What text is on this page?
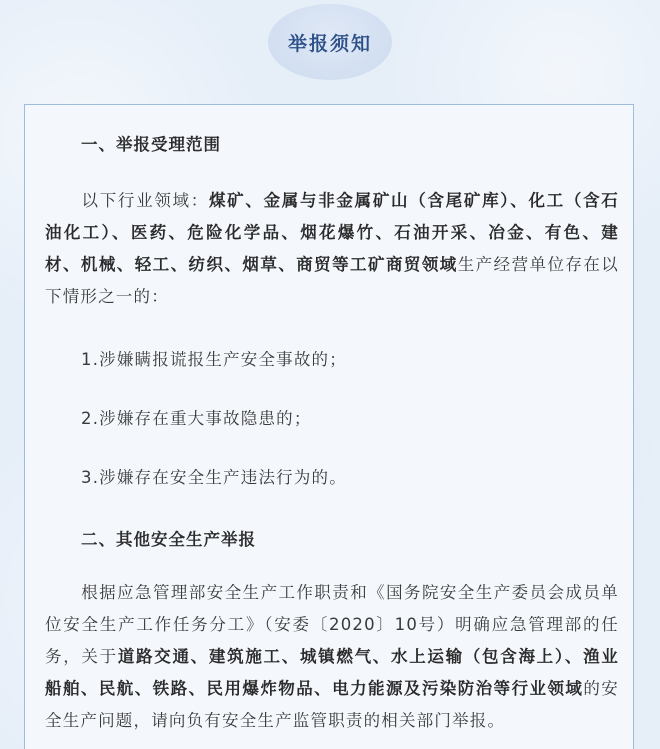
举报须知
一、举报受理范围
以下行业领域：煤矿、金属与非金属矿山（含尾矿库）、化工（含石油化工）、医药、危险化学品、烟花爆竹、石油开采、冶金、有色、建材、机械、轻工、纺织、烟草、商贸等工矿商贸领域生产经营单位存在以下情形之一的：
1.涉嫌瞒报谎报生产安全事故的；
2.涉嫌存在重大事故隐患的；
3.涉嫌存在安全生产违法行为的。
二、其他安全生产举报
根据应急管理部安全生产工作职责和《国务院安全生产委员会成员单位安全生产工作任务分工》（安委〔2020〕10号）明确应急管理部的任务，关于道路交通、建筑施工、城镇燃气、水上运输（包含海上）、渔业船舶、民航、铁路、民用爆炸物品、电力能源及污染防治等行业领域的安全生产问题，请向负有安全生产监管职责的相关部门举报。
